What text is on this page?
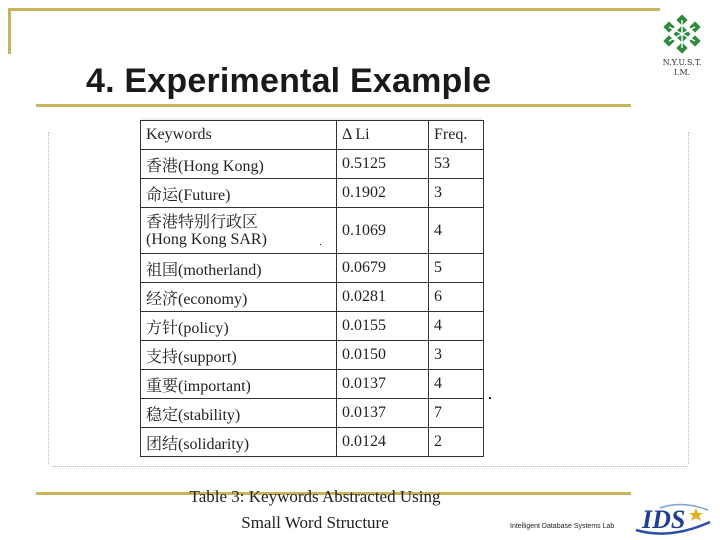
4. Experimental Example	N.Y.U.S.T.
I.M.
Keywords	Δ Li	Freq.
香港(Hong Kong)	0.5125	53
命运(Future)	0.1902	3

香港特别行政区
(Hong Kong SAR)	0.1069	4
祖国(motherland)	0.0679	5
经济(economy)	0.0281	6
方针(policy)	0.0155	4
支持(support)	0.0150	3
重要(important)	0.0137	4
稳定(stability)	0.0137	7
团结(solidarity)	0.0124	2
Table 3: Keywords Abstracted Using
Small Word Structure	Intelligent Database Systems Lab IDS
